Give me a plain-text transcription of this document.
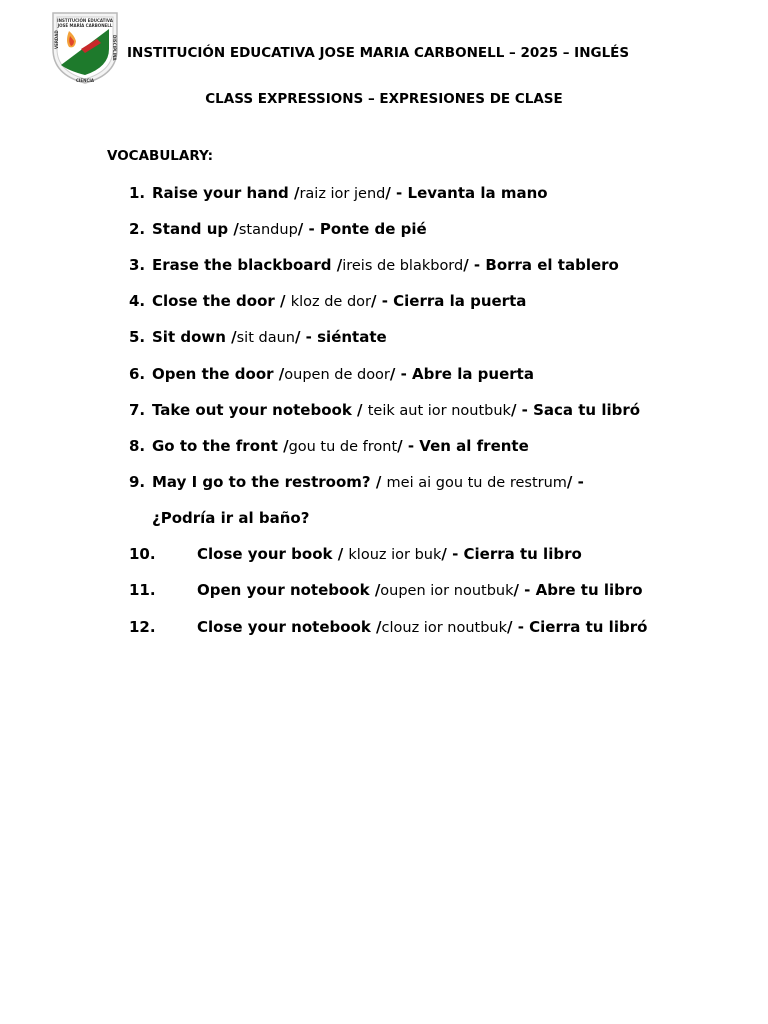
INSTITUCIÓN EDUCATIVA
JOSÉ MARÍA CARBONELL
VERDAD	DISCIPLINA
CIENCIA
INSTITUCIÓN EDUCATIVA JOSE MARIA CARBONELL – 2025 – INGLÉS
CLASS EXPRESSIONS – EXPRESIONES DE CLASE
VOCABULARY:
1. Raise your hand /raiz ior jend/ - Levanta la mano
2. Stand up /standup/ - Ponte de pié
3. Erase the blackboard /ireis de blakbord/ - Borra el tablero
4. Close the door / kloz de dor/ - Cierra la puerta
5. Sit down /sit daun/ - siéntate
6. Open the door /oupen de door/ - Abre la puerta
7. Take out your notebook / teik aut ior noutbuk/ - Saca tu libró
8. Go to the front /gou tu de front/ - Ven al frente
9. May I go to the restroom? / mei ai gou tu de restrum/ -
¿Podría ir al baño?
10.	Close your book / klouz ior buk/ - Cierra tu libro
11.	Open your notebook /oupen ior noutbuk/ - Abre tu libro
12.	Close your notebook /clouz ior noutbuk/ - Cierra tu libró
